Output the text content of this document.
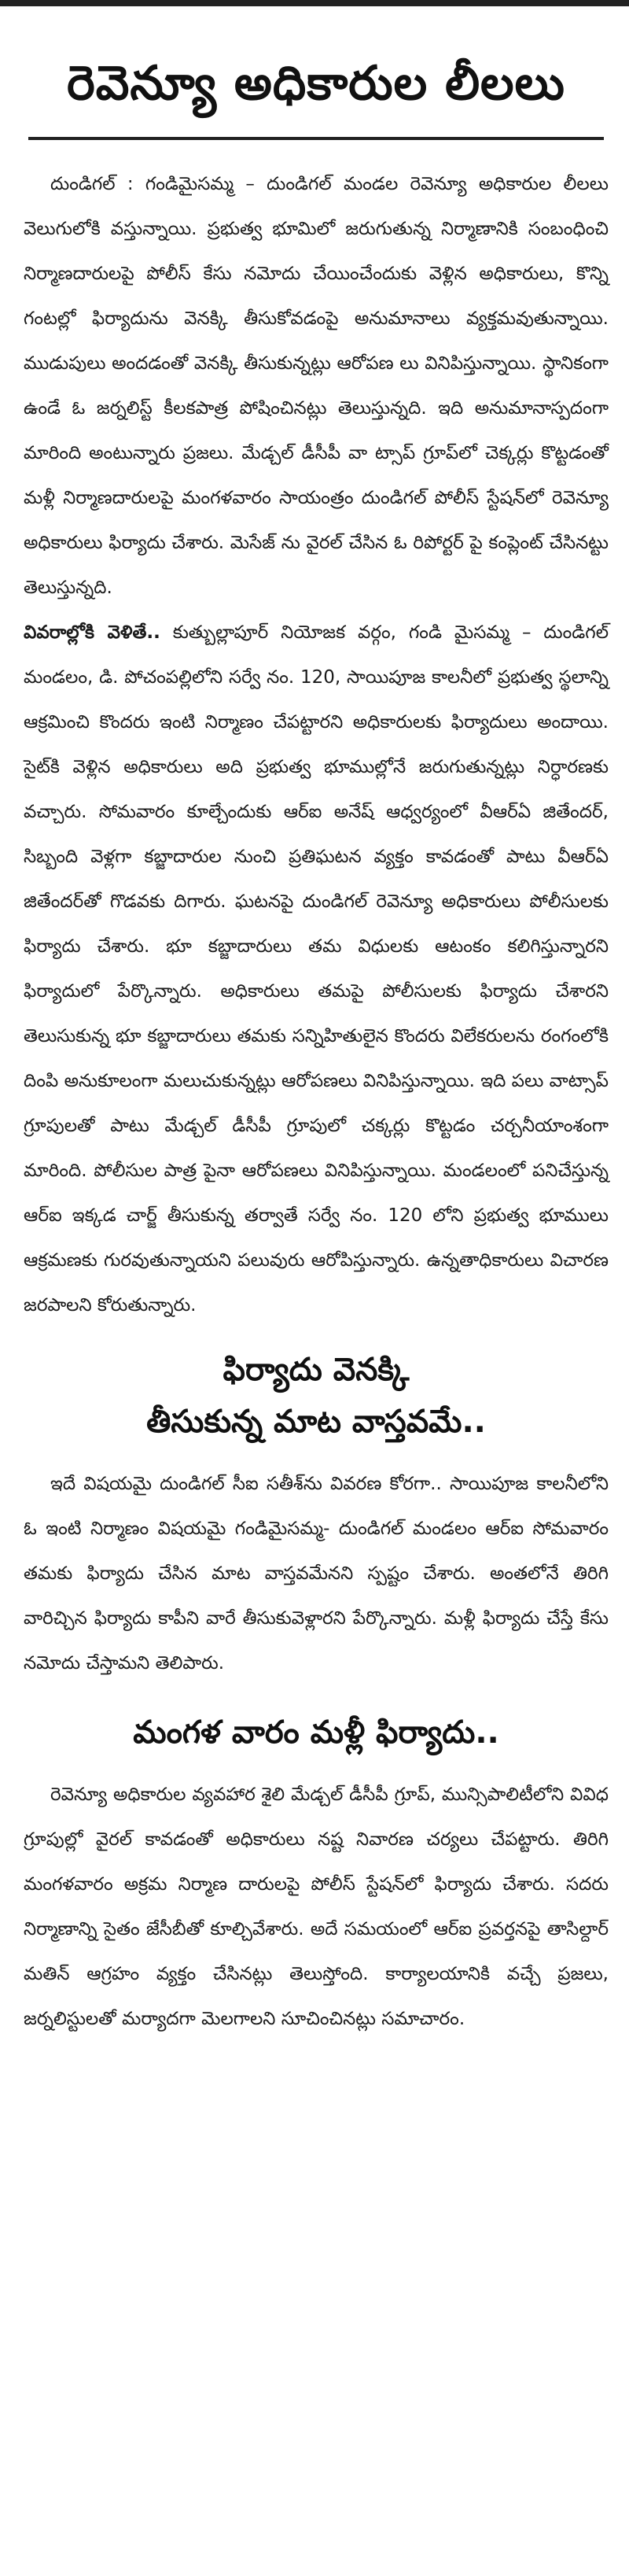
రెవెన్యూ అధికారుల లీలలు

దుండిగల్ : గండిమైసమ్మ – దుండిగల్ మండల రెవెన్యూ అధికారుల లీలలు వెలుగులోకి వస్తున్నాయి. ప్రభుత్వ భూమిలో జరుగుతున్న నిర్మాణానికి సంబంధించి నిర్మాణదారులపై పోలీస్ కేసు నమోదు చేయించేందుకు వెళ్లిన అధికారులు, కొన్ని గంటల్లో ఫిర్యాదును వెనక్కి తీసుకోవడంపై అనుమానాలు వ్యక్తమవుతున్నాయి. ముడుపులు అందడంతో వెనక్కి తీసుకున్నట్లు ఆరోపణ లు వినిపిస్తున్నాయి. స్థానికంగా ఉండే ఓ జర్నలిస్ట్ కీలకపాత్ర పోషించినట్లు తెలుస్తున్నది. ఇది అనుమానాస్పదంగా మారింది అంటున్నారు ప్రజలు. మేడ్చల్ డీసీపీ వా ట్సాప్ గ్రూప్‌లో చెక్కర్లు కొట్టడంతో మళ్లీ నిర్మాణదారులపై మంగళవారం సాయంత్రం దుండిగల్ పోలీస్ స్టేషన్‌లో రెవెన్యూ అధికారులు ఫిర్యాదు చేశారు. మెసేజ్ ను వైరల్ చేసిన ఓ రిపోర్టర్ పై కంప్లెంట్ చేసినట్టు తెలుస్తున్నది.

వివరాల్లోకి వెళితే.. కుత్బుల్లాపూర్ నియోజక వర్గం, గండి మైసమ్మ – దుండిగల్ మండలం, డి. పోచంపల్లిలోని సర్వే నం. 120, సాయిపూజ కాలనీలో ప్రభుత్వ స్థలాన్ని ఆక్రమించి కొందరు ఇంటి నిర్మాణం చేపట్టారని అధికారులకు ఫిర్యాదులు అందాయి. సైట్‌కి వెళ్లిన అధికారులు అది ప్రభుత్వ భూముల్లోనే జరుగుతున్నట్లు నిర్ధారణకు వచ్చారు. సోమవారం కూల్చేందుకు ఆర్‌ఐ అనేష్ ఆధ్వర్యంలో వీఆర్‌ఏ జితేందర్, సిబ్బంది వెళ్లగా కబ్జాదారుల నుంచి ప్రతిఘటన వ్యక్తం కావడంతో పాటు వీఆర్‌ఏ జితేందర్‌తో గొడవకు దిగారు. ఘటనపై దుండిగల్ రెవెన్యూ అధికారులు పోలీసులకు ఫిర్యాదు చేశారు. భూ కబ్జాదారులు తమ విధులకు ఆటంకం కలిగిస్తున్నారని ఫిర్యాదులో పేర్కొన్నారు. అధికారులు తమపై పోలీసులకు ఫిర్యాదు చేశారని తెలుసుకున్న భూ కబ్జాదారులు తమకు సన్నిహితులైన కొందరు విలేకరులను రంగంలోకి దింపి అనుకూలంగా మలుచుకున్నట్లు ఆరోపణలు వినిపిస్తున్నాయి. ఇది పలు వాట్సాప్ గ్రూపులతో పాటు మేడ్చల్ డీసీపీ గ్రూపులో చక్కర్లు కొట్టడం చర్చనీయాంశంగా మారింది. పోలీసుల పాత్ర పైనా ఆరోపణలు వినిపిస్తున్నాయి. మండలంలో పనిచేస్తున్న ఆర్‌ఐ ఇక్కడ చార్జ్ తీసుకున్న తర్వాతే సర్వే నం. 120 లోని ప్రభుత్వ భూములు ఆక్రమణకు గురవుతున్నాయని పలువురు ఆరోపిస్తున్నారు. ఉన్నతాధికారులు విచారణ జరపాలని కోరుతున్నారు.

ఫిర్యాదు వెనక్కి
తీసుకున్న మాట వాస్తవమే..

ఇదే విషయమై దుండిగల్ సీఐ సతీశ్‌ను వివరణ కోరగా.. సాయిపూజ కాలనీలోని ఓ ఇంటి నిర్మాణం విషయమై గండిమైసమ్మ- దుండిగల్ మండలం ఆర్‌ఐ సోమవారం తమకు ఫిర్యాదు చేసిన మాట వాస్తవమేనని స్పష్టం చేశారు. అంతలోనే తిరిగి వారిచ్చిన ఫిర్యాదు కాపీని వారే తీసుకువెళ్లారని పేర్కొన్నారు. మళ్లీ ఫిర్యాదు చేస్తే కేసు నమోదు చేస్తామని తెలిపారు.

మంగళ వారం మళ్లీ ఫిర్యాదు..

రెవెన్యూ అధికారుల వ్యవహార శైలి మేడ్చల్ డీసీపీ గ్రూప్, మున్సిపాలిటీలోని వివిధ గ్రూపుల్లో వైరల్ కావడంతో అధికారులు నష్ట నివారణ చర్యలు చేపట్టారు. తిరిగి మంగళవారం అక్రమ నిర్మాణ దారులపై పోలీస్ స్టేషన్‌లో ఫిర్యాదు చేశారు. సదరు నిర్మాణాన్ని సైతం జేసీబీతో కూల్చివేశారు. అదే సమయంలో ఆర్‌ఐ ప్రవర్తనపై తాసిల్దార్ మతిన్ ఆగ్రహం వ్యక్తం చేసినట్లు తెలుస్తోంది. కార్యాలయానికి వచ్చే ప్రజలు, జర్నలిస్టులతో మర్యాదగా మెలగాలని సూచించినట్లు సమాచారం.
